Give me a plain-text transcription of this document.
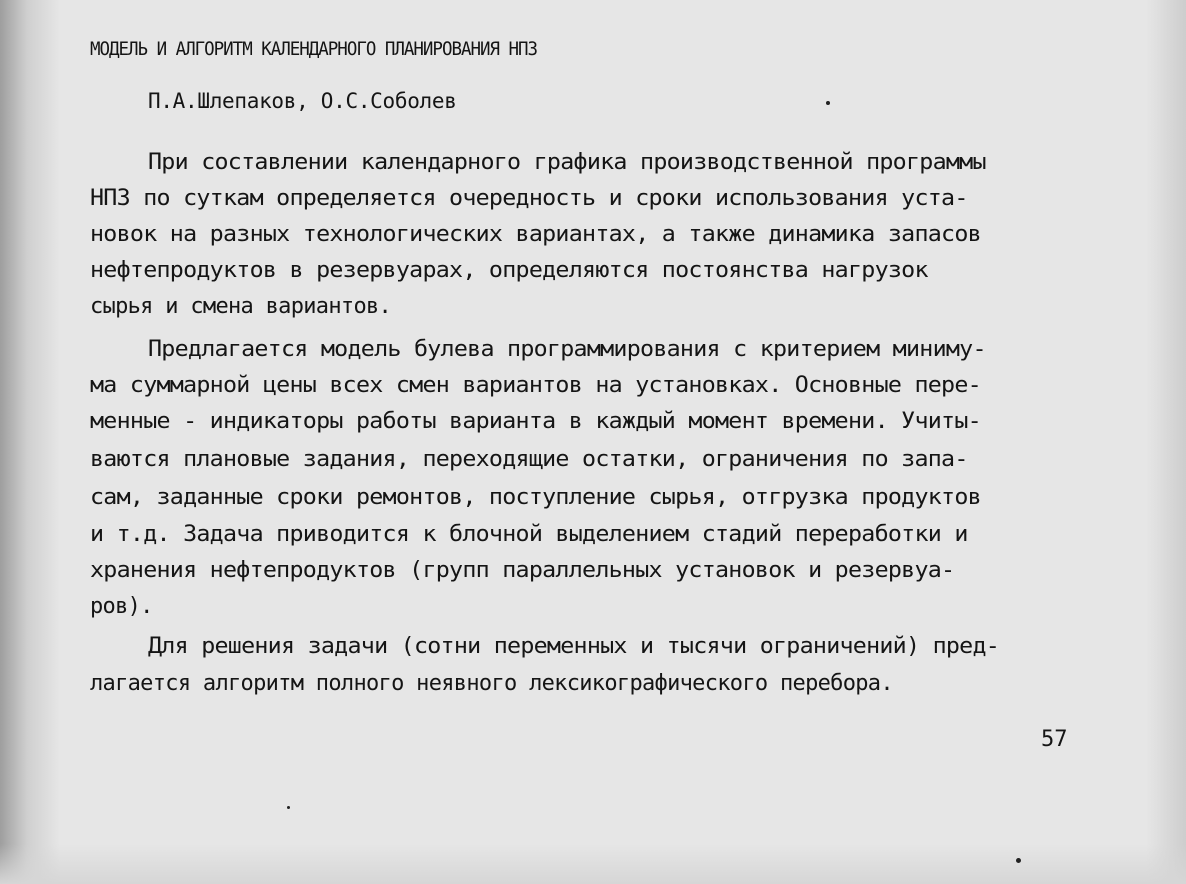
МОДЕЛЬ И АЛГОРИТМ КАЛЕНДАРНОГО ПЛАНИРОВАНИЯ НПЗ
П.А.Шлепаков, О.С.Соболев
При составлении календарного графика производственной программы
НПЗ по суткам определяется очередность и сроки использования уста-
новок на разных технологических вариантах, а также динамика запасов
нефтепродуктов в резервуарах, определяются постоянства нагрузок
сырья и смена вариантов.
Предлагается модель булева программирования с критерием миниму-
ма суммарной цены всех смен вариантов на установках. Основные пере-
менные - индикаторы работы варианта в каждый момент времени. Учиты-
ваются плановые задания, переходящие остатки, ограничения по запа-
сам, заданные сроки ремонтов, поступление сырья, отгрузка продуктов
и т.д. Задача приводится к блочной выделением стадий переработки и
хранения нефтепродуктов (групп параллельных установок и резервуа-
ров).
Для решения задачи (сотни переменных и тысячи ограничений) пред-
лагается алгоритм полного неявного лексикографического перебора.
57
